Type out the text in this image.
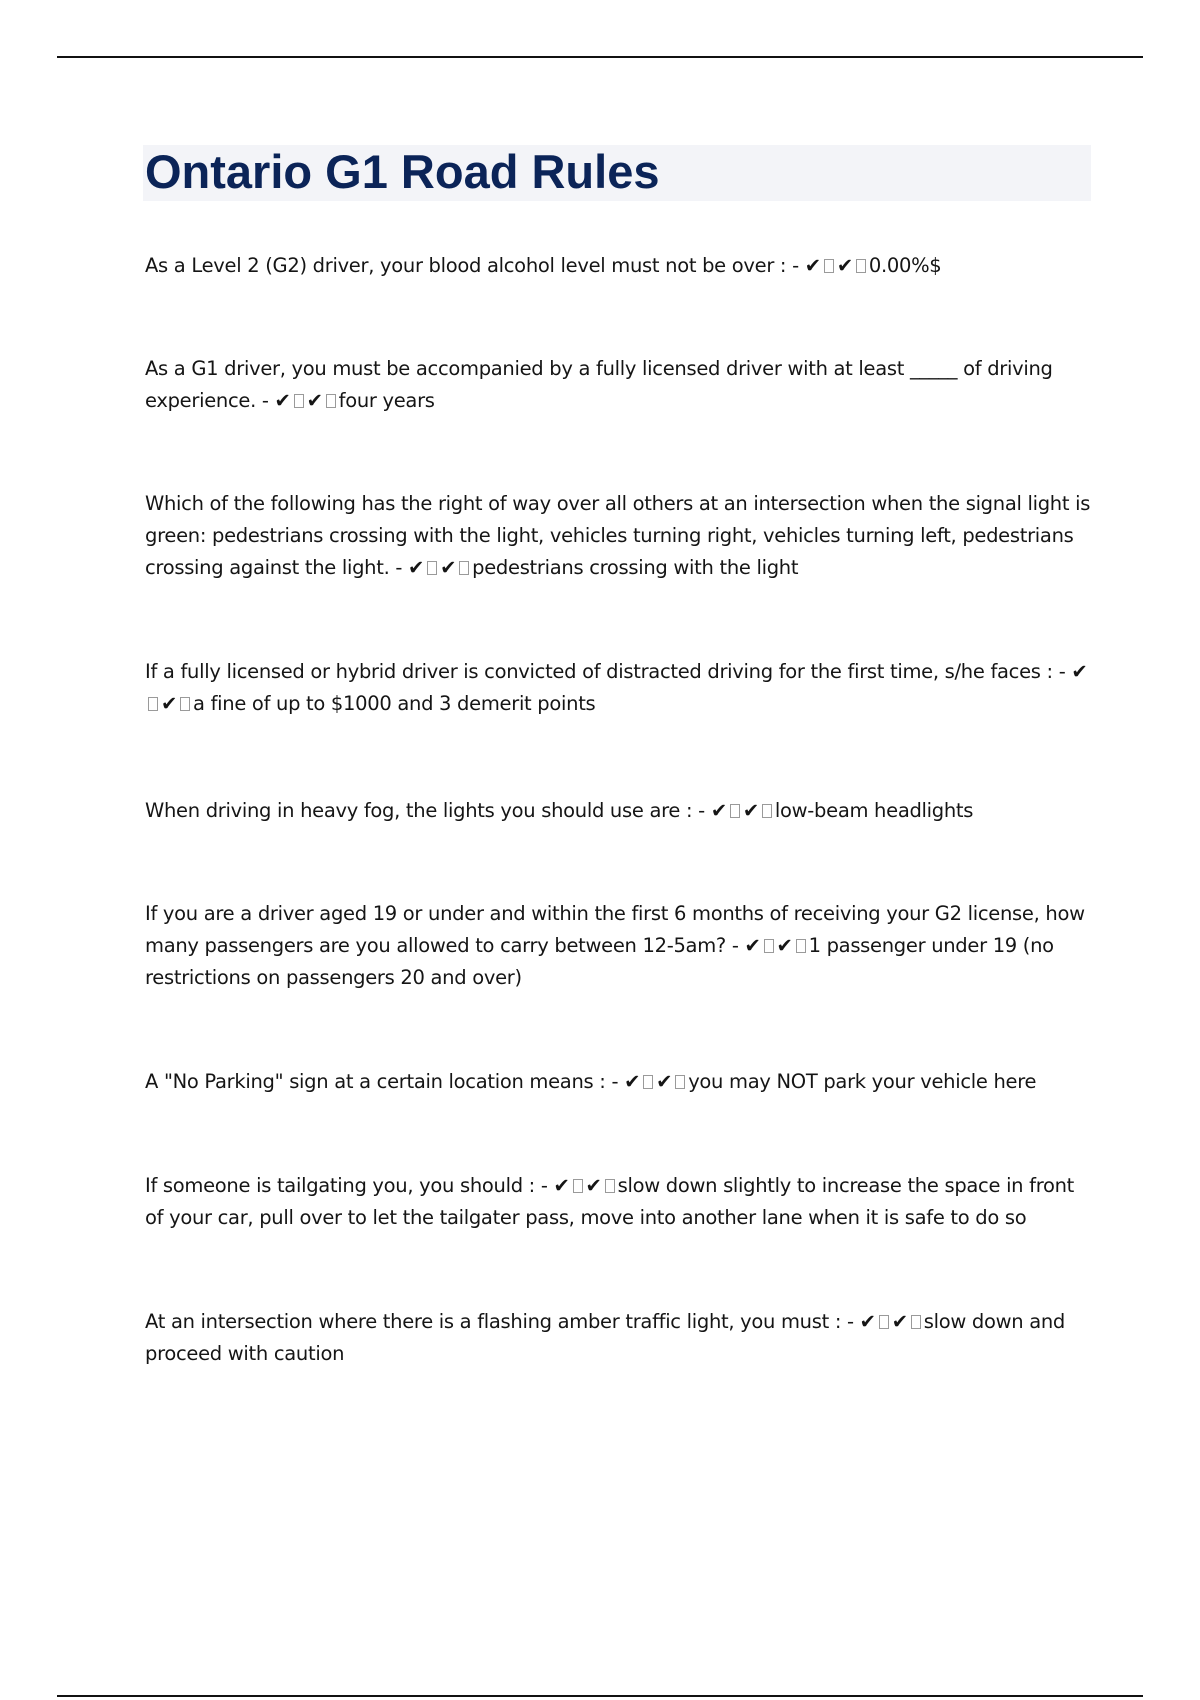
Ontario G1 Road Rules

As a Level 2 (G2) driver, your blood alcohol level must not be over : - ✔ ✔ 0.00%$

As a G1 driver, you must be accompanied by a fully licensed driver with at least _____ of driving experience. - ✔ ✔ four years

Which of the following has the right of way over all others at an intersection when the signal light is green: pedestrians crossing with the light, vehicles turning right, vehicles turning left, pedestrians crossing against the light. - ✔ ✔ pedestrians crossing with the light

If a fully licensed or hybrid driver is convicted of distracted driving for the first time, s/he faces : - ✔✔ a fine of up to $1000 and 3 demerit points

When driving in heavy fog, the lights you should use are : - ✔ ✔ low-beam headlights

If you are a driver aged 19 or under and within the first 6 months of receiving your G2 license, how many passengers are you allowed to carry between 12-5am? - ✔ ✔ 1 passenger under 19 (no restrictions on passengers 20 and over)

A "No Parking" sign at a certain location means : - ✔ ✔ you may NOT park your vehicle here

If someone is tailgating you, you should : - ✔ ✔ slow down slightly to increase the space in front of your car, pull over to let the tailgater pass, move into another lane when it is safe to do so

At an intersection where there is a flashing amber traffic light, you must : - ✔ ✔ slow down and proceed with caution
